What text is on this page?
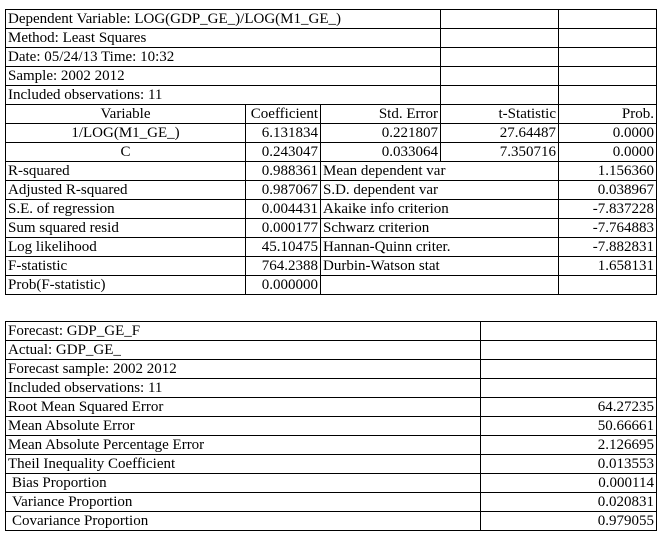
Dependent Variable: LOG(GDP_GE_)/LOG(M1_GE_)				
Method: Least Squares				
Date: 05/24/13 Time: 10:32				
Sample: 2002 2012				
Included observations: 11				
Variable	Coefficient	Std. Error	t-Statistic	Prob.
1/LOG(M1_GE_)	6.131834	0.221807	27.64487	0.0000
C	0.243047	0.033064	7.350716	0.0000
R-squared	0.988361	Mean dependent var		1.156360
Adjusted R-squared	0.987067	S.D. dependent var		0.038967
S.E. of regression	0.004431	Akaike info criterion		-7.837228
Sum squared resid	0.000177	Schwarz criterion		-7.764883
Log likelihood	45.10475	Hannan-Quinn criter.		-7.882831
F-statistic	764.2388	Durbin-Watson stat		1.658131
Prob(F-statistic)	0.000000			
Forecast: GDP_GE_F	
Actual: GDP_GE_	
Forecast sample: 2002 2012	
Included observations: 11	
Root Mean Squared Error	64.27235
Mean Absolute Error	50.66661
Mean Absolute Percentage Error	2.126695
Theil Inequality Coefficient	0.013553
Bias Proportion	0.000114
Variance Proportion	0.020831
Covariance Proportion	0.979055
